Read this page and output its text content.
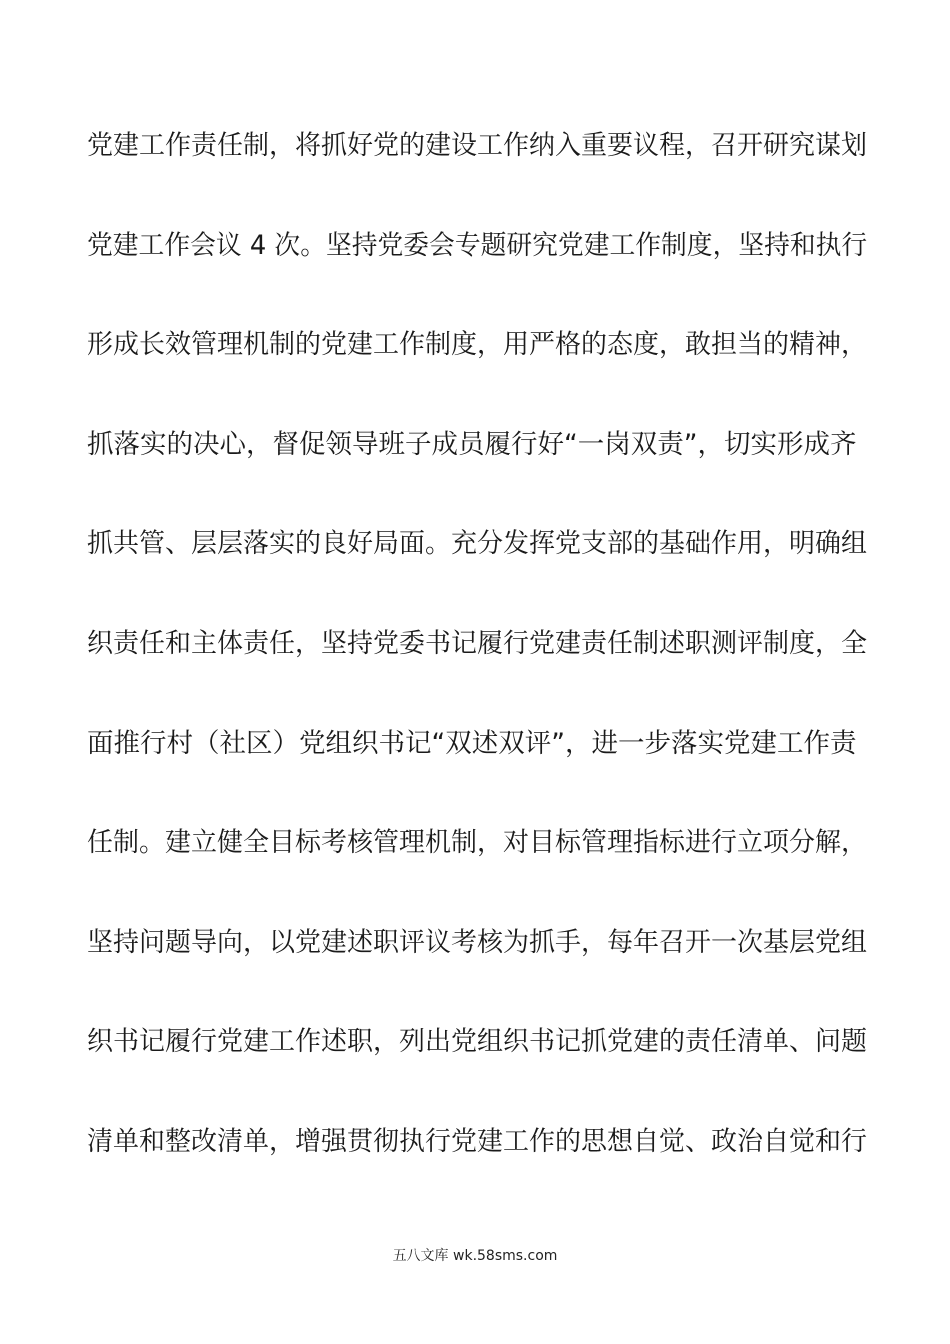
党建工作责任制，将抓好党的建设工作纳入重要议程，召开研究谋划
党建工作会议 4 次。坚持党委会专题研究党建工作制度，坚持和执行
形成长效管理机制的党建工作制度，用严格的态度，敢担当的精神，
抓落实的决心，督促领导班子成员履行好“一岗双责”，切实形成齐
抓共管、层层落实的良好局面。充分发挥党支部的基础作用，明确组
织责任和主体责任，坚持党委书记履行党建责任制述职测评制度，全
面推行村（社区）党组织书记“双述双评”，进一步落实党建工作责
任制。建立健全目标考核管理机制，对目标管理指标进行立项分解，
坚持问题导向，以党建述职评议考核为抓手，每年召开一次基层党组
织书记履行党建工作述职，列出党组织书记抓党建的责任清单、问题
清单和整改清单，增强贯彻执行党建工作的思想自觉、政治自觉和行
五八文库 wk.58sms.com
